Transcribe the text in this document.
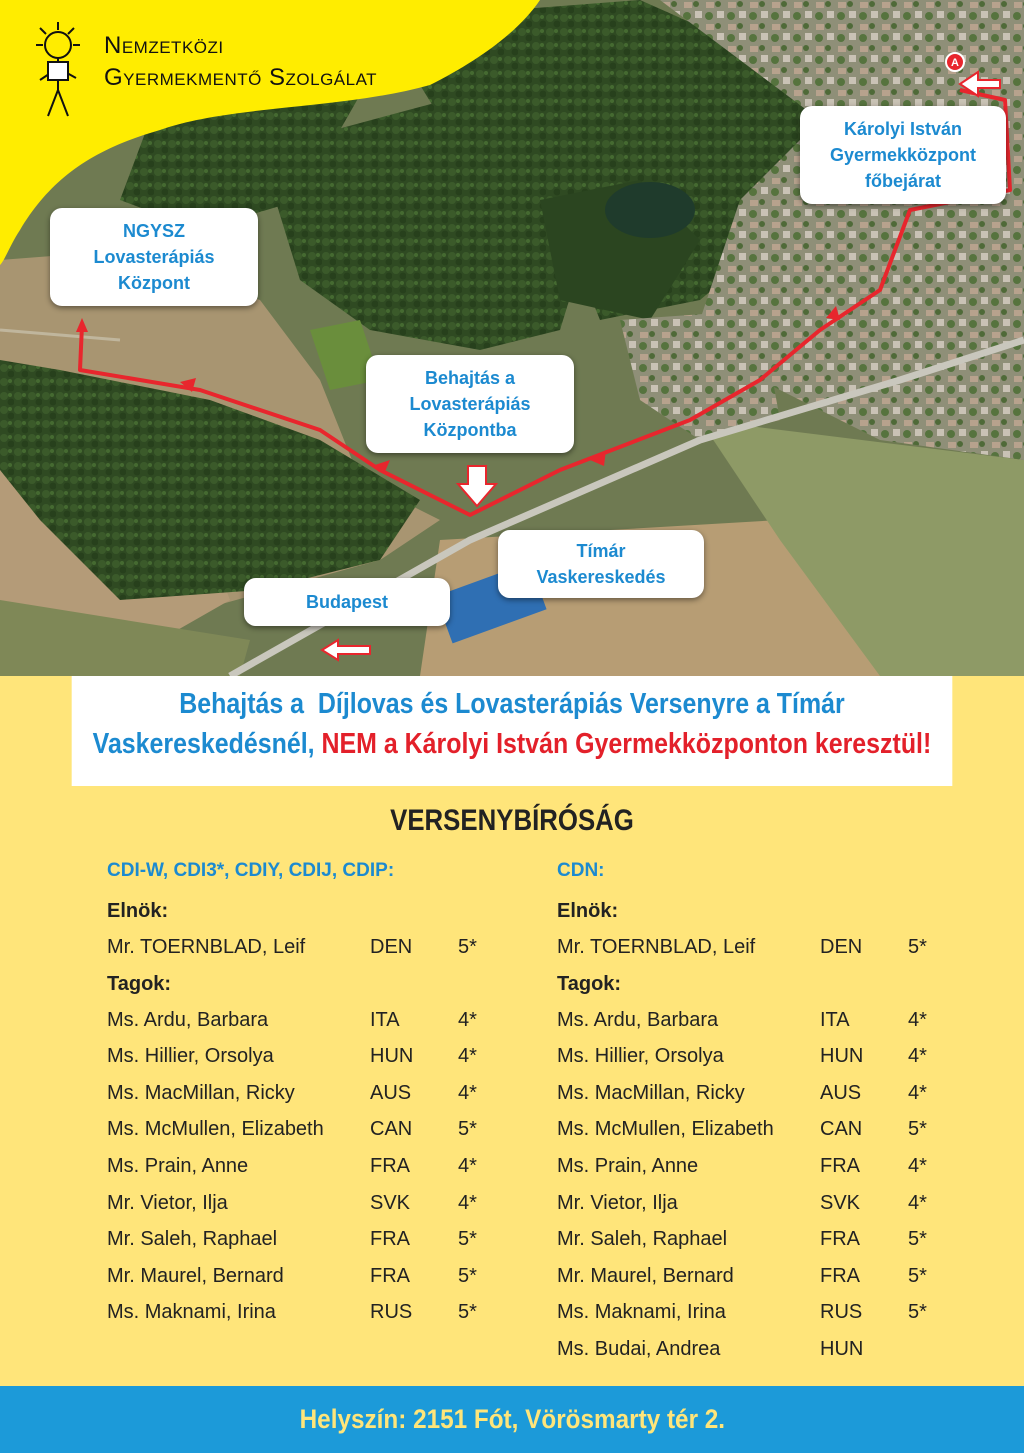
A
Nemzetközi
Gyermekmentő Szolgálat
NGYSZ
Lovasterápiás
Központ
Károlyi István
Gyermekközpont
főbejárat
Behajtás a
Lovasterápiás
Központba
Tímár
Vaskereskedés
Budapest
Behajtás a  Díjlovas és Lovasterápiás Versenyre a Tímár
Vaskereskedésnél, NEM a Károlyi István Gyermekközponton keresztül!
VERSENYBÍRÓSÁG
CDI-W, CDI3*, CDIY, CDIJ, CDIP:
Elnök:
Mr. TOERNBLAD, Leif	DEN 5*
Tagok:
Ms. Ardu, Barbara	ITA	4*
Ms. Hillier, Orsolya	HUN 4*
Ms. MacMillan, Ricky	AUS 4*
Ms. McMullen, Elizabeth CAN 5*
Ms. Prain, Anne	FRA 4*
Mr. Vietor, Ilja	SVK 4*
Mr. Saleh, Raphael	FRA 5*
Mr. Maurel, Bernard	FRA 5*
Ms. Maknami, Irina	RUS 5*
CDN:
Elnök:
Mr. TOERNBLAD, Leif	DEN 5*
Tagok:
Ms. Ardu, Barbara	ITA	4*
Ms. Hillier, Orsolya	HUN 4*
Ms. MacMillan, Ricky	AUS 4*
Ms. McMullen, Elizabeth CAN 5*
Ms. Prain, Anne	FRA 4*
Mr. Vietor, Ilja	SVK 4*
Mr. Saleh, Raphael	FRA 5*
Mr. Maurel, Bernard	FRA 5*
Ms. Maknami, Irina	RUS 5*
Ms. Budai, Andrea	HUN
Helyszín: 2151 Fót, Vörösmarty tér 2.
